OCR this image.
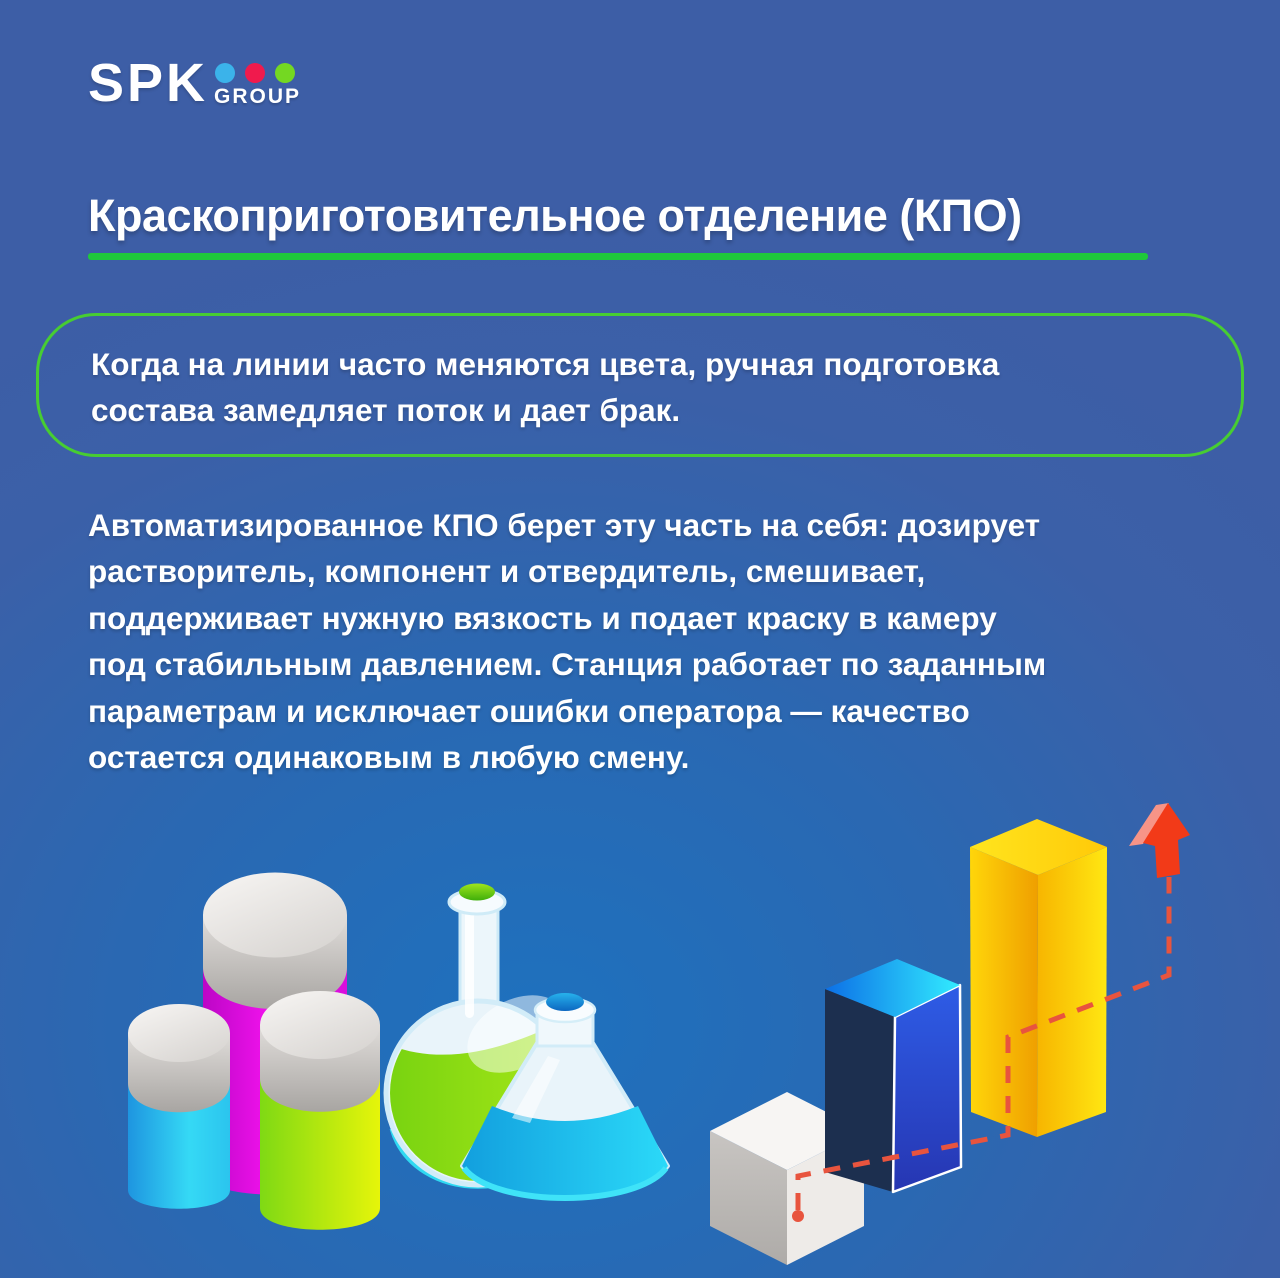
SPK GROUP
Краскоприготовительное отделение (КПО)

Когда на линии часто меняются цвета, ручная подготовка

состава замедляет поток и дает брак.

Автоматизированное КПО берет эту часть на себя: дозирует
растворитель, компонент и отвердитель, смешивает,
поддерживает нужную вязкость и подает краску в камеру
под стабильным давлением. Станция работает по заданным
параметрам и исключает ошибки оператора — качество
остается одинаковым в любую смену.
